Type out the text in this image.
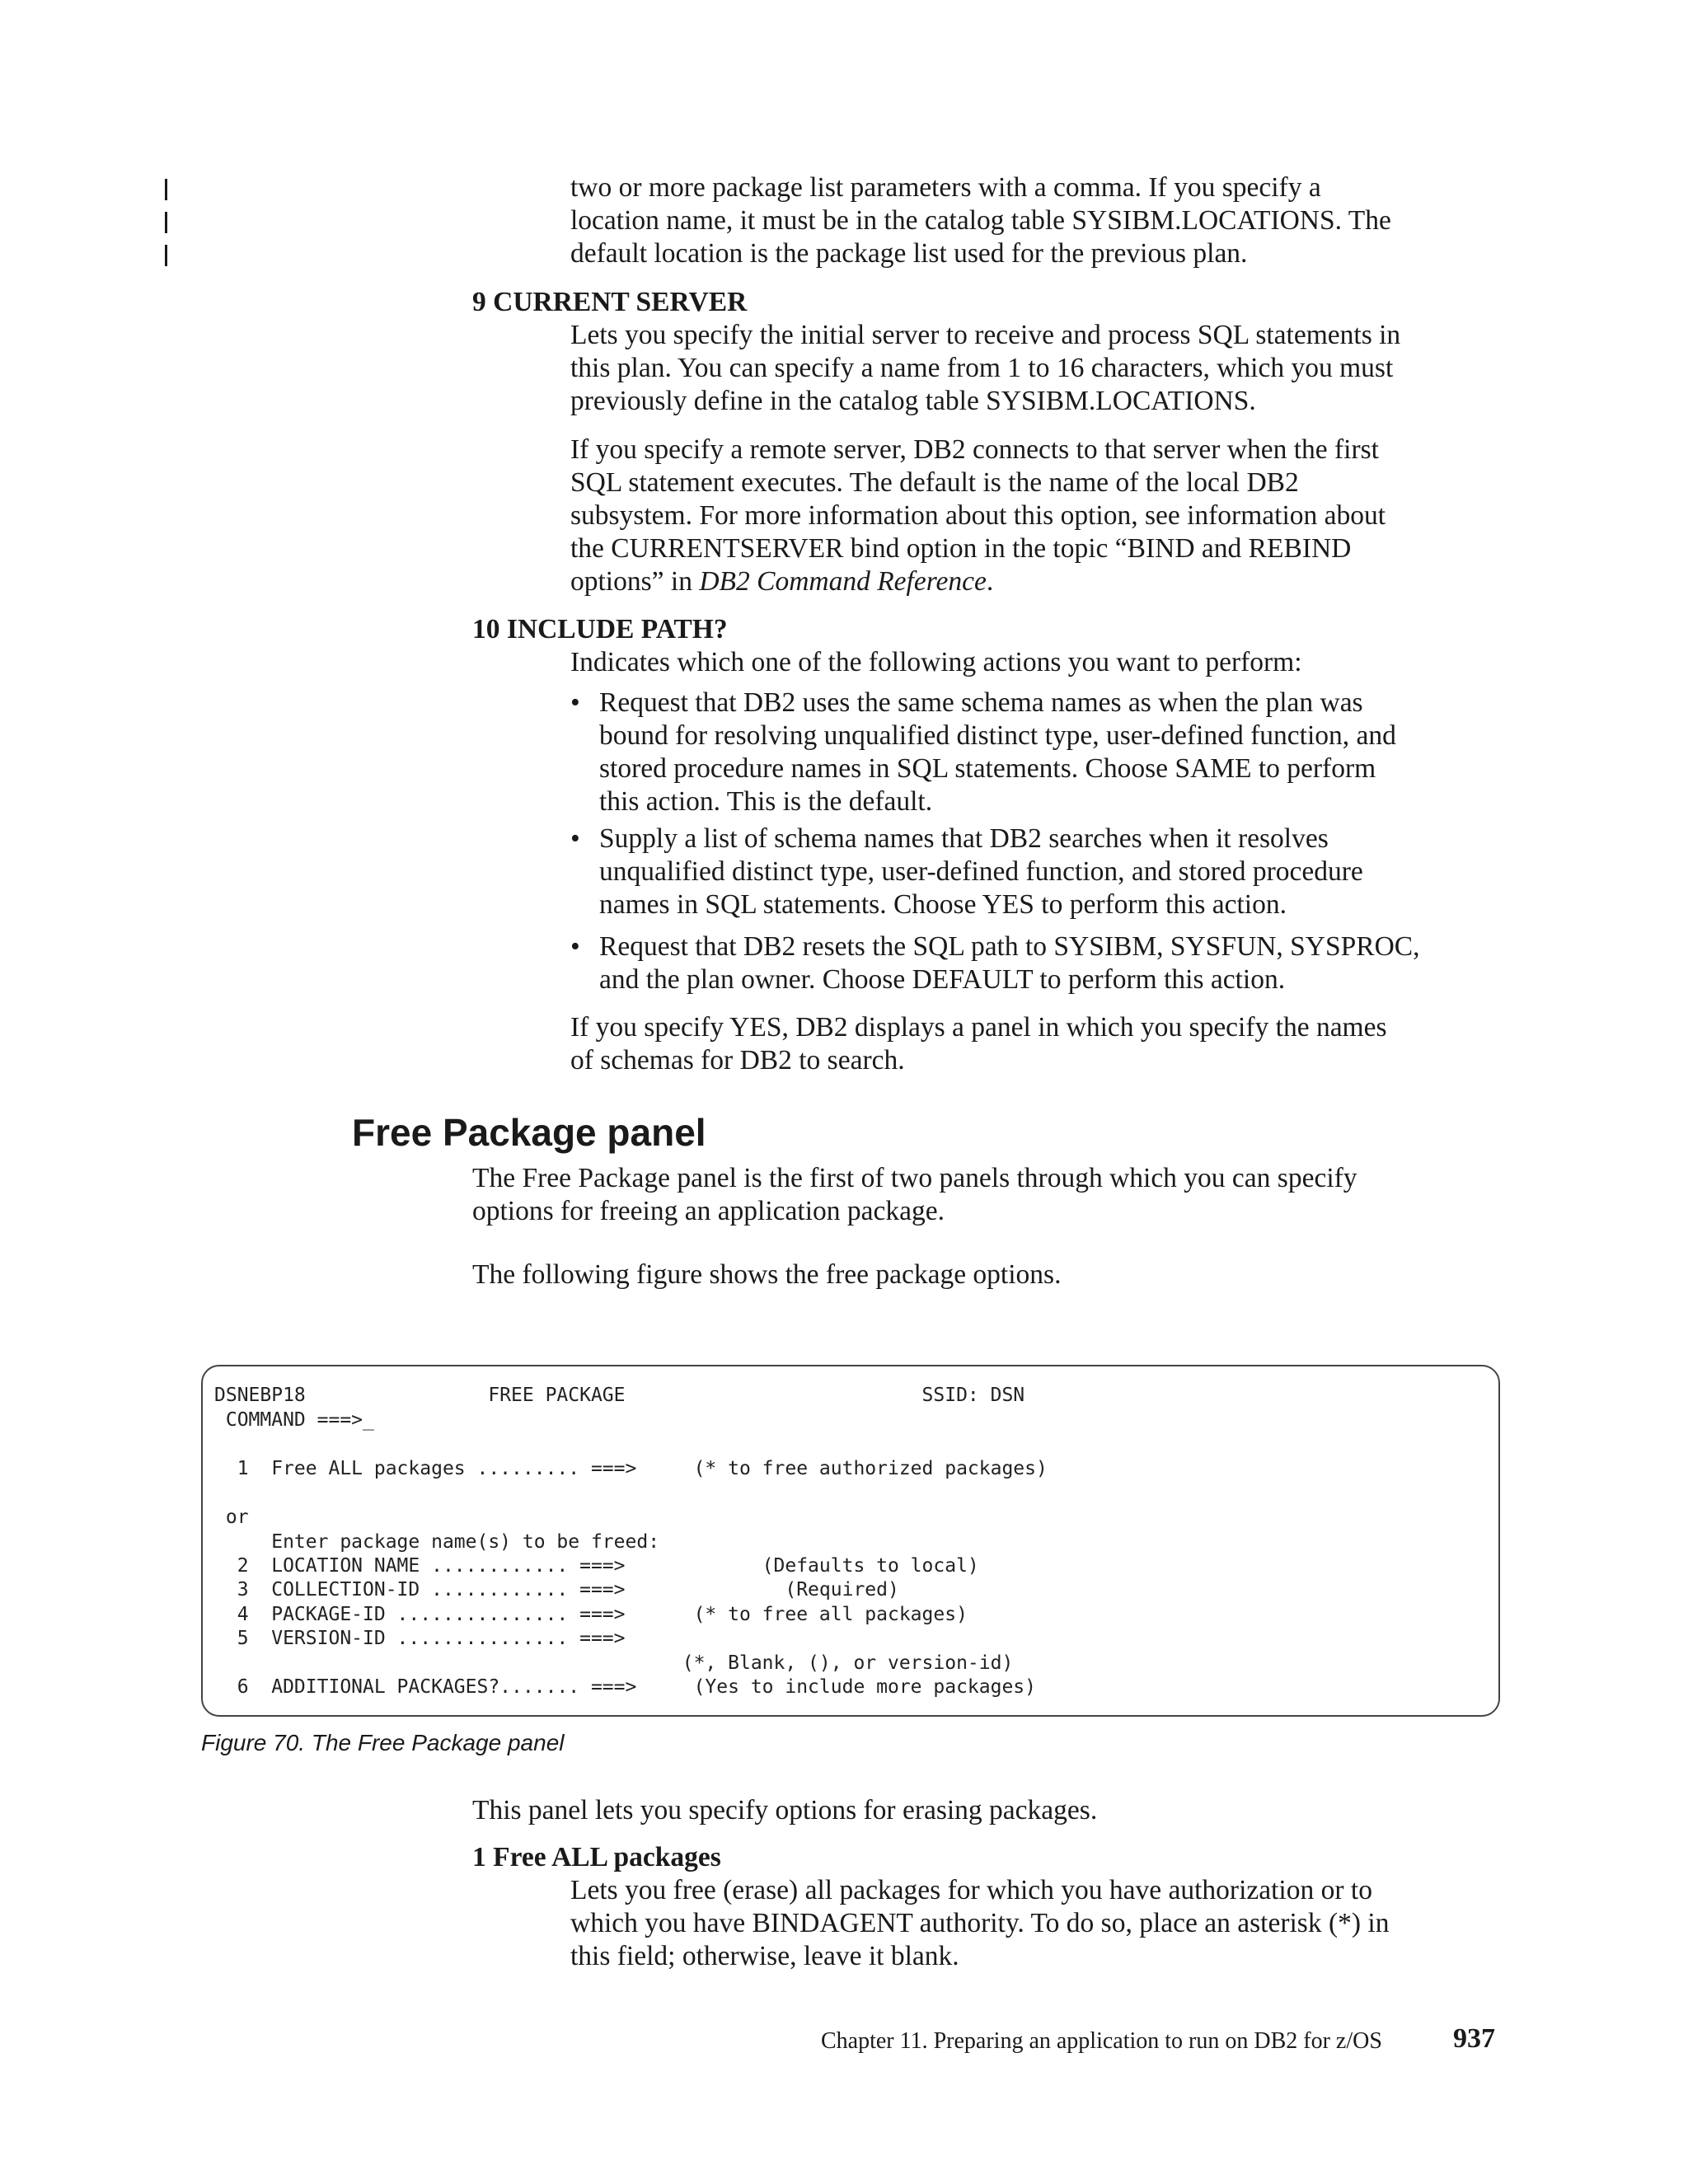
two or more package list parameters with a comma. If you specify a

location name, it must be in the catalog table SYSIBM.LOCATIONS. The

default location is the package list used for the previous plan.

9 CURRENT SERVER

Lets you specify the initial server to receive and process SQL statements in

this plan. You can specify a name from 1 to 16 characters, which you must

previously define in the catalog table SYSIBM.LOCATIONS.

If you specify a remote server, DB2 connects to that server when the first

SQL statement executes. The default is the name of the local DB2

subsystem. For more information about this option, see information about

the CURRENTSERVER bind option in the topic “BIND and REBIND

options” in DB2 Command Reference.

10 INCLUDE PATH?
Indicates which one of the following actions you want to perform:
• Request that DB2 uses the same schema names as when the plan was
bound for resolving unqualified distinct type, user-defined function, and
stored procedure names in SQL statements. Choose SAME to perform
this action. This is the default.
• Supply a list of schema names that DB2 searches when it resolves
unqualified distinct type, user-defined function, and stored procedure
names in SQL statements. Choose YES to perform this action.
• Request that DB2 resets the SQL path to SYSIBM, SYSFUN, SYSPROC,
and the plan owner. Choose DEFAULT to perform this action.

If you specify YES, DB2 displays a panel in which you specify the names

of schemas for DB2 to search.

Free Package panel

The Free Package panel is the first of two panels through which you can specify

options for freeing an application package.

The following figure shows the free package options.
DSNEBP18                FREE PACKAGE                          SSID: DSN
COMMAND ===>_
1  Free ALL packages ......... ===>     (* to free authorized packages)
or
Enter package name(s) to be freed:
2  LOCATION NAME ............ ===>            (Defaults to local)
3  COLLECTION-ID ............ ===>              (Required)
4  PACKAGE-ID ............... ===>      (* to free all packages)
5  VERSION-ID ............... ===>
(*, Blank, (), or version-id)
6  ADDITIONAL PACKAGES?....... ===>     (Yes to include more packages)
Figure 70. The Free Package panel
This panel lets you specify options for erasing packages.
1 Free ALL packages

Lets you free (erase) all packages for which you have authorization or to

which you have BINDAGENT authority. To do so, place an asterisk (*) in

this field; otherwise, leave it blank.

Chapter 11. Preparing an application to run on DB2 for z/OS	937
